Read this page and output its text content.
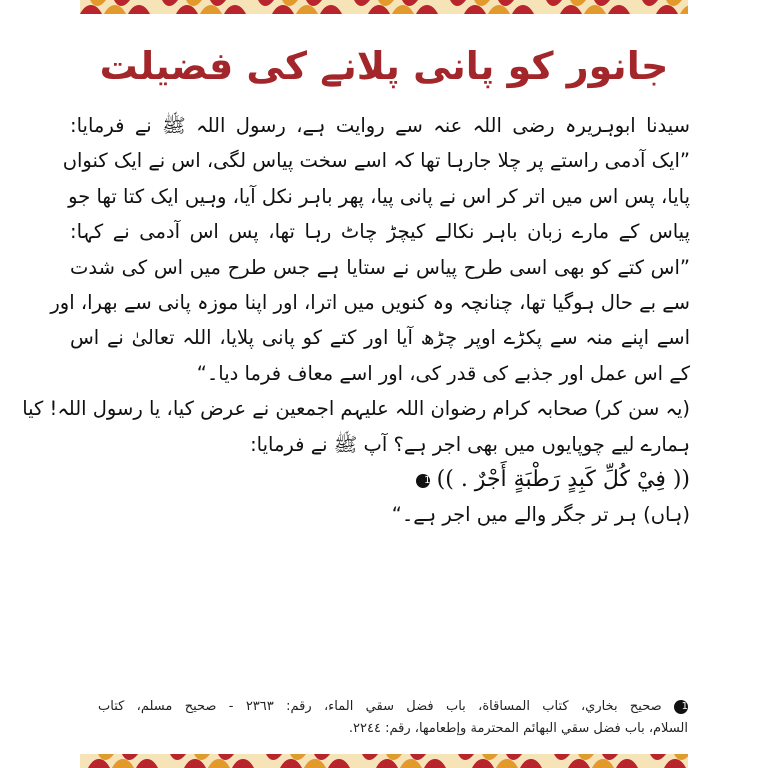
جانور کو پانی پلانے کی فضیلت
سیدنا ابوہریرہ رضی اللہ عنہ سے روایت ہے، رسول اللہ ﷺ نے فرمایا:
”ایک آدمی راستے پر چلا جارہا تھا کہ اسے سخت پیاس لگی، اس نے ایک کنواں
پایا، پس اس میں اتر کر اس نے پانی پیا، پھر باہر نکل آیا، وہیں ایک کتا تھا جو
پیاس کے مارے زبان باہر نکالے کیچڑ چاٹ رہا تھا، پس اس آدمی نے کہا:
”اس کتے کو بھی اسی طرح پیاس نے ستایا ہے جس طرح میں اس کی شدت
سے بے حال ہوگیا تھا، چنانچہ وہ کنویں میں اترا، اور اپنا موزہ پانی سے بھرا، اور
اسے اپنے منہ سے پکڑے اوپر چڑھ آیا اور کتے کو پانی پلایا، اللہ تعالیٰ نے اس
کے اس عمل اور جذبے کی قدر کی، اور اسے معاف فرما دیا۔“
(یہ سن کر) صحابہ کرام رضوان اللہ علیہم اجمعین نے عرض کیا، یا رسول اللہ! کیا
ہمارے لیے چوپایوں میں بھی اجر ہے؟ آپ ﷺ نے فرمایا:
(( فِيْ كُلِّ كَبِدٍ رَطْبَةٍ أَجْرٌ . )) 1
(ہاں) ہر تر جگر والے میں اجر ہے۔“
1 صحيح بخاري، كتاب المساقاة، باب فضل سقي الماء، رقم: ٢٣٦٣ - صحيح مسلم، كتاب
السلام، باب فضل سقي البهائم المحترمة وإطعامها، رقم: ٢٢٤٤.
